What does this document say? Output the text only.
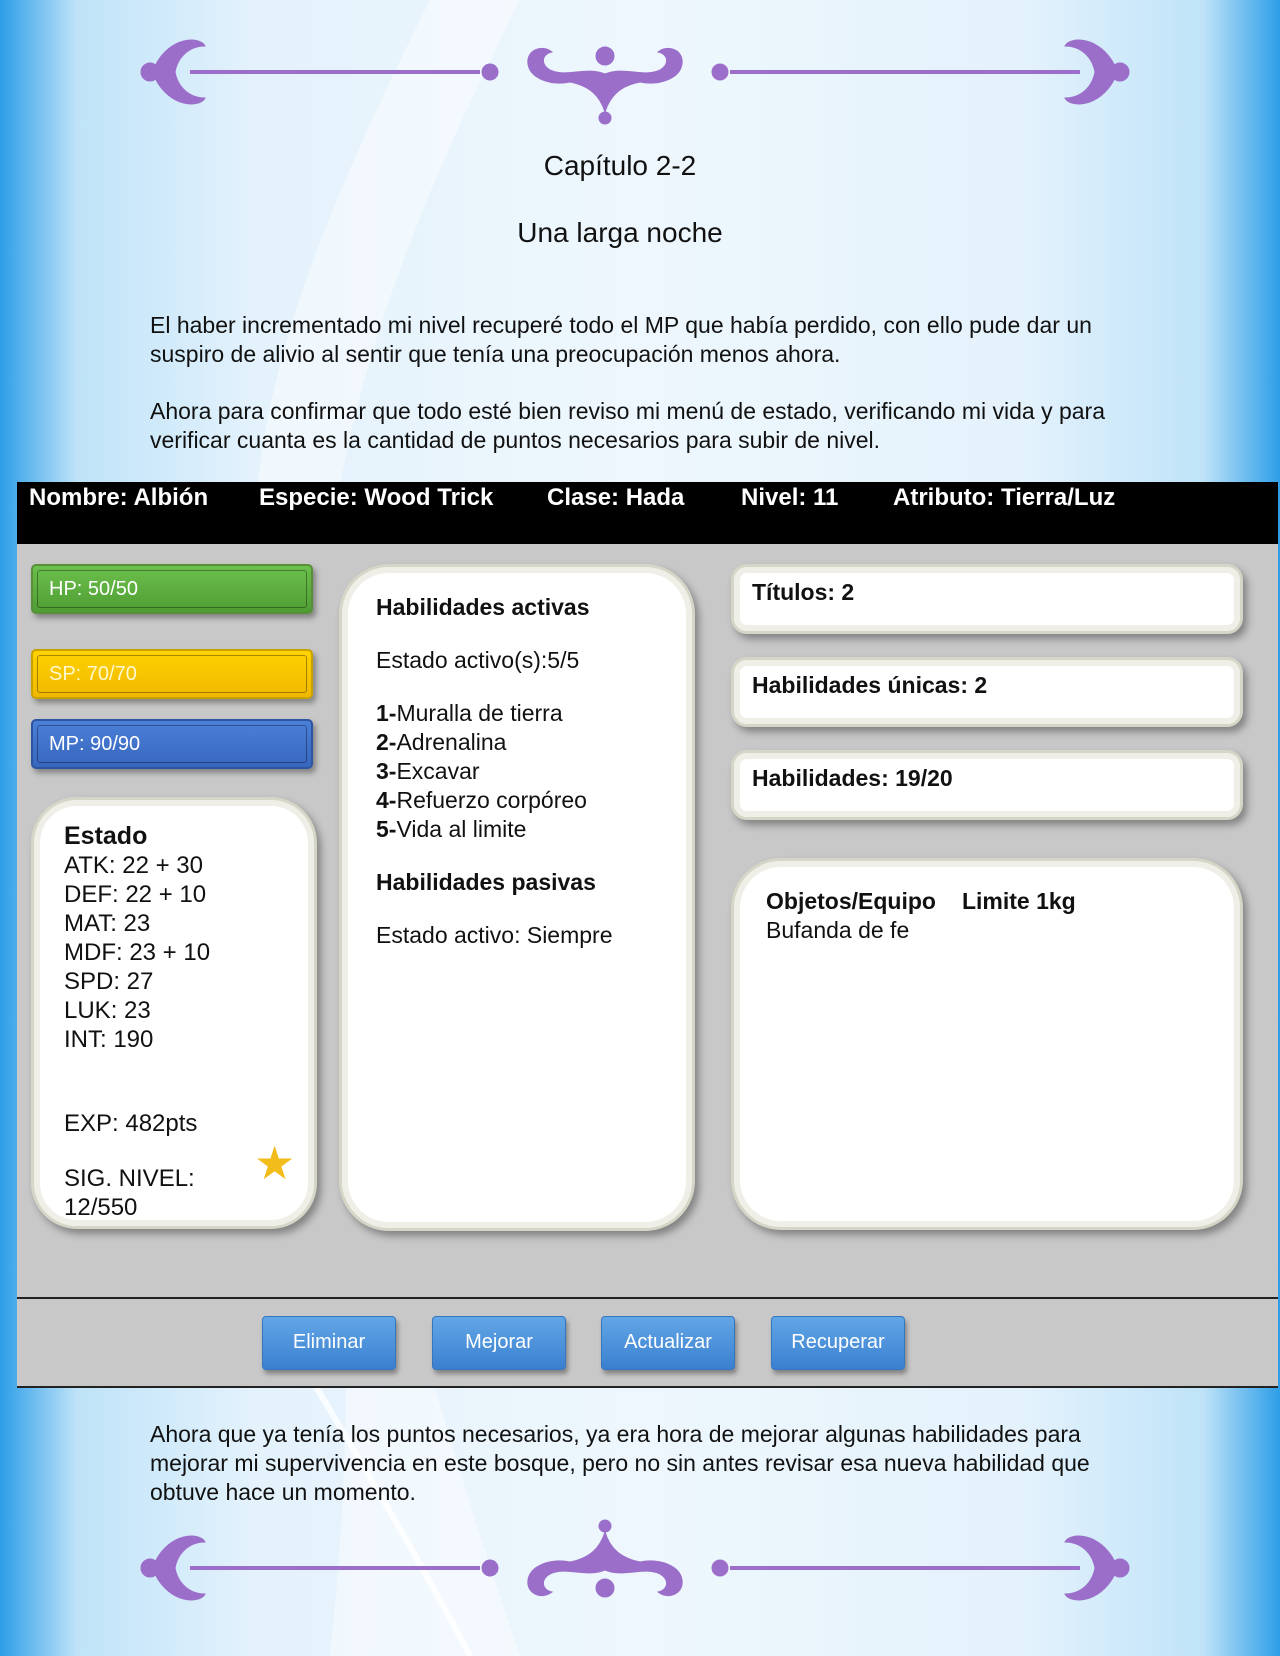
Capítulo 2-2
Una larga noche

El haber incrementado mi nivel recuperé todo el MP que había perdido, con ello pude dar un suspiro de alivio al sentir que tenía una preocupación menos ahora.

Ahora para confirmar que todo esté bien reviso mi menú de estado, verificando mi vida y para verificar cuanta es la cantidad de puntos necesarios para subir de nivel.

Nombre: Albión Especie: Wood Trick Clase: Hada Nivel: 11 Atributo: Tierra/Luz
HP: 50/50
SP: 70/70
MP: 90/90
Estado
ATK: 22 + 30
DEF: 22 + 10
MAT: 23
MDF: 23 + 10
SPD: 27
LUK: 23
INT: 190
EXP: 482pts
SIG. NIVEL:
12/550
★
Habilidades activas
Estado activo(s):5/5
1-Muralla de tierra
2-Adrenalina
3-Excavar
4-Refuerzo corpóreo
5-Vida al limite
Habilidades pasivas
Estado activo: Siempre
Títulos: 2
Habilidades únicas: 2
Habilidades: 19/20
Objetos/Equipo Limite 1kg
Bufanda de fe
Eliminar	Mejorar	Actualizar	Recuperar

Ahora que ya tenía los puntos necesarios, ya era hora de mejorar algunas habilidades para mejorar mi supervivencia en este bosque, pero no sin antes revisar esa nueva habilidad que obtuve hace un momento.
